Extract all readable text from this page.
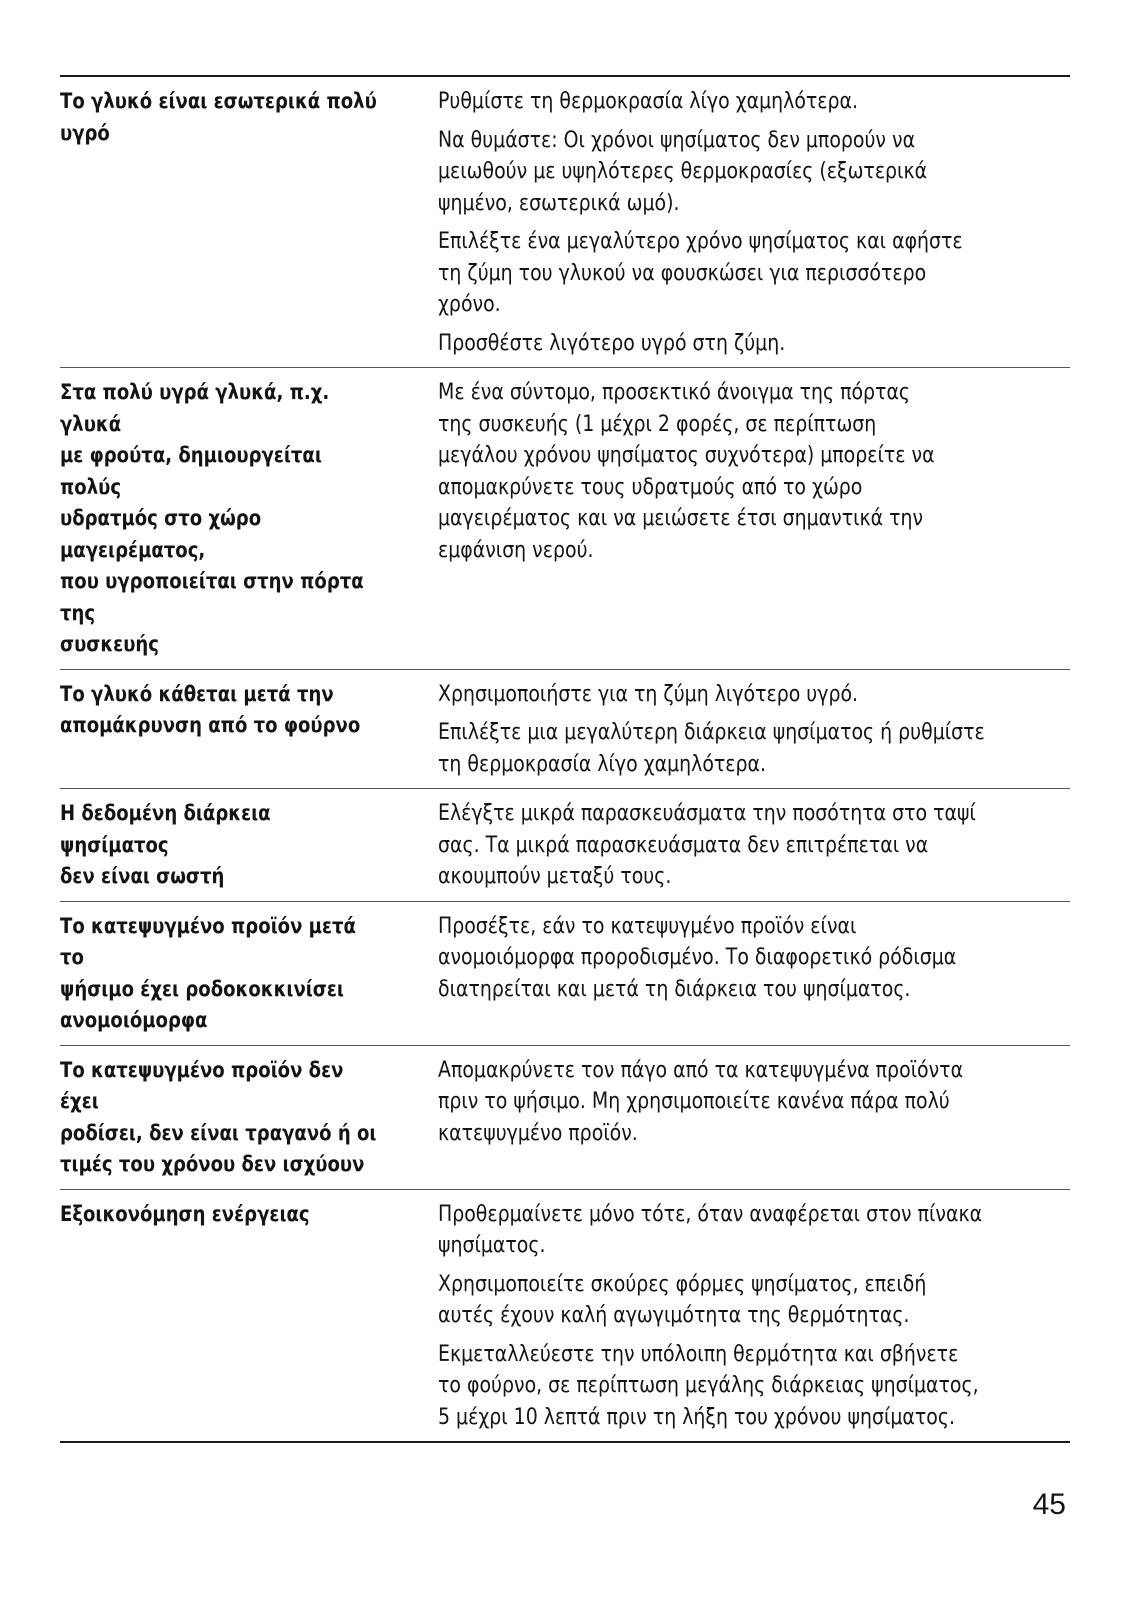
Το γλυκό είναι εσωτερικά πολύ
υγρό

Ρυθμίστε τη θερμοκρασία λίγο χαμηλότερα.

Να θυμάστε: Οι χρόνοι ψησίματος δεν μπορούν να
μειωθούν με υψηλότερες θερμοκρασίες (εξωτερικά
ψημένο, εσωτερικά ωμό).

Επιλέξτε ένα μεγαλύτερο χρόνο ψησίματος και αφήστε
τη ζύμη του γλυκού να φουσκώσει για περισσότερο
χρόνο.

Προσθέστε λιγότερο υγρό στη ζύμη.

Στα πολύ υγρά γλυκά, π.χ. γλυκά
με φρούτα, δημιουργείται πολύς
υδρατμός στο χώρο μαγειρέματος,
που υγροποιείται στην πόρτα της
συσκευής

Με ένα σύντομο, προσεκτικό άνοιγμα της πόρτας
της συσκευής (1 μέχρι 2 φορές, σε περίπτωση
μεγάλου χρόνου ψησίματος συχνότερα) μπορείτε να
απομακρύνετε τους υδρατμούς από το χώρο
μαγειρέματος και να μειώσετε έτσι σημαντικά την
εμφάνιση νερού.

Το γλυκό κάθεται μετά την
απομάκρυνση από το φούρνο

Χρησιμοποιήστε για τη ζύμη λιγότερο υγρό.

Επιλέξτε μια μεγαλύτερη διάρκεια ψησίματος ή ρυθμίστε
τη θερμοκρασία λίγο χαμηλότερα.

Η δεδομένη διάρκεια ψησίματος
δεν είναι σωστή

Ελέγξτε μικρά παρασκευάσματα την ποσότητα στο ταψί
σας. Τα μικρά παρασκευάσματα δεν επιτρέπεται να
ακουμπούν μεταξύ τους.

Το κατεψυγμένο προϊόν μετά το
ψήσιμο έχει ροδοκοκκινίσει
ανομοιόμορφα

Προσέξτε, εάν το κατεψυγμένο προϊόν είναι
ανομοιόμορφα προροδισμένο. Το διαφορετικό ρόδισμα
διατηρείται και μετά τη διάρκεια του ψησίματος.

Το κατεψυγμένο προϊόν δεν έχει
ροδίσει, δεν είναι τραγανό ή οι
τιμές του χρόνου δεν ισχύουν

Απομακρύνετε τον πάγο από τα κατεψυγμένα προϊόντα
πριν το ψήσιμο. Μη χρησιμοποιείτε κανένα πάρα πολύ
κατεψυγμένο προϊόν.

Εξοικονόμηση ενέργειας	Προθερμαίνετε μόνο τότε, όταν αναφέρεται στον πίνακα
ψησίματος.

Χρησιμοποιείτε σκούρες φόρμες ψησίματος, επειδή
αυτές έχουν καλή αγωγιμότητα της θερμότητας.

Εκμεταλλεύεστε την υπόλοιπη θερμότητα και σβήνετε
το φούρνο, σε περίπτωση μεγάλης διάρκειας ψησίματος,
5 μέχρι 10 λεπτά πριν τη λήξη του χρόνου ψησίματος.

45
